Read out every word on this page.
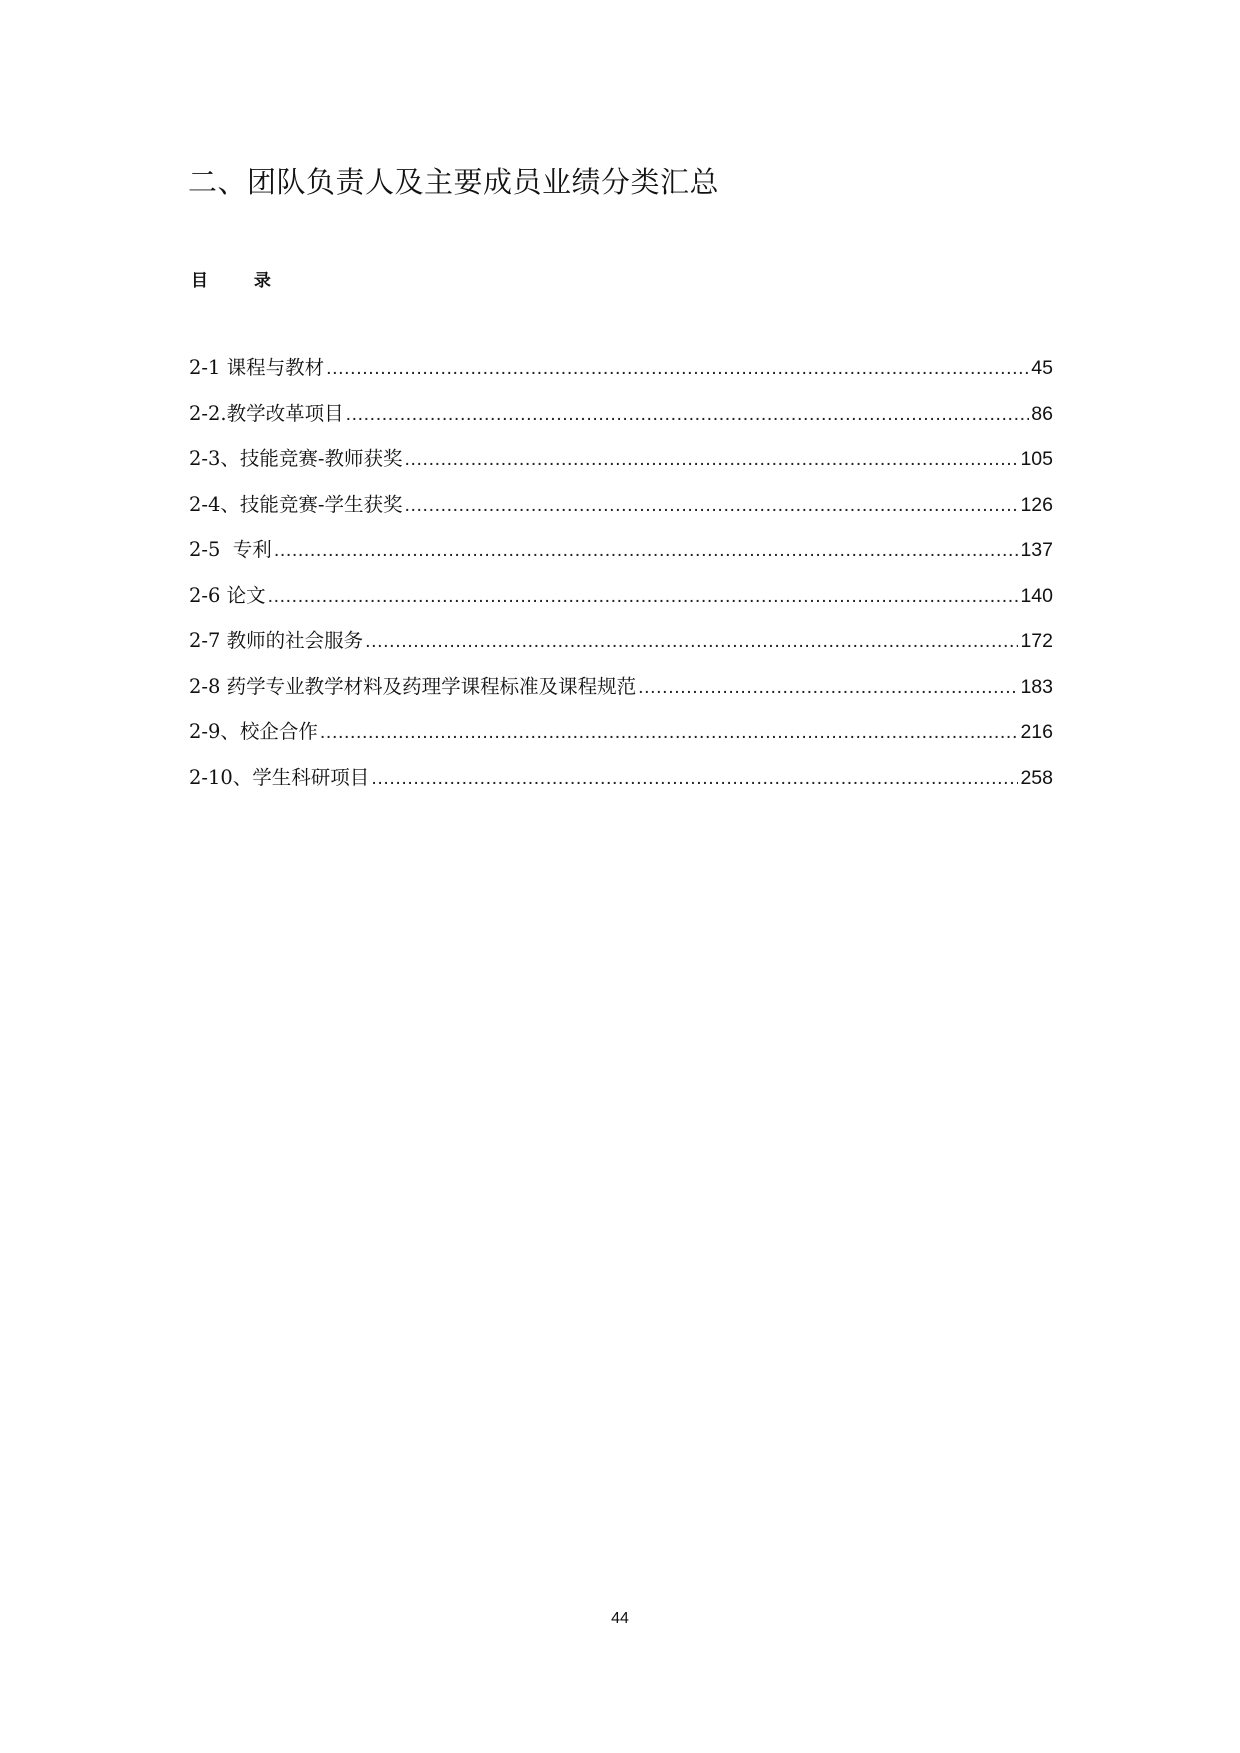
二、团队负责人及主要成员业绩分类汇总
目 录
2-1 课程与教材 .....	45
2-2.教学改革项目 .....	86
2-3、技能竞赛-教师获奖 .....	105
2-4、技能竞赛-学生获奖 .....	126
2-5  专利 .....	137
2-6 论文 .....	140
2-7 教师的社会服务 .....	172
2-8 药学专业教学材料及药理学课程标准及课程规范 .....	183
2-9、校企合作 .....	216
2-10、学生科研项目 .....	258

44
